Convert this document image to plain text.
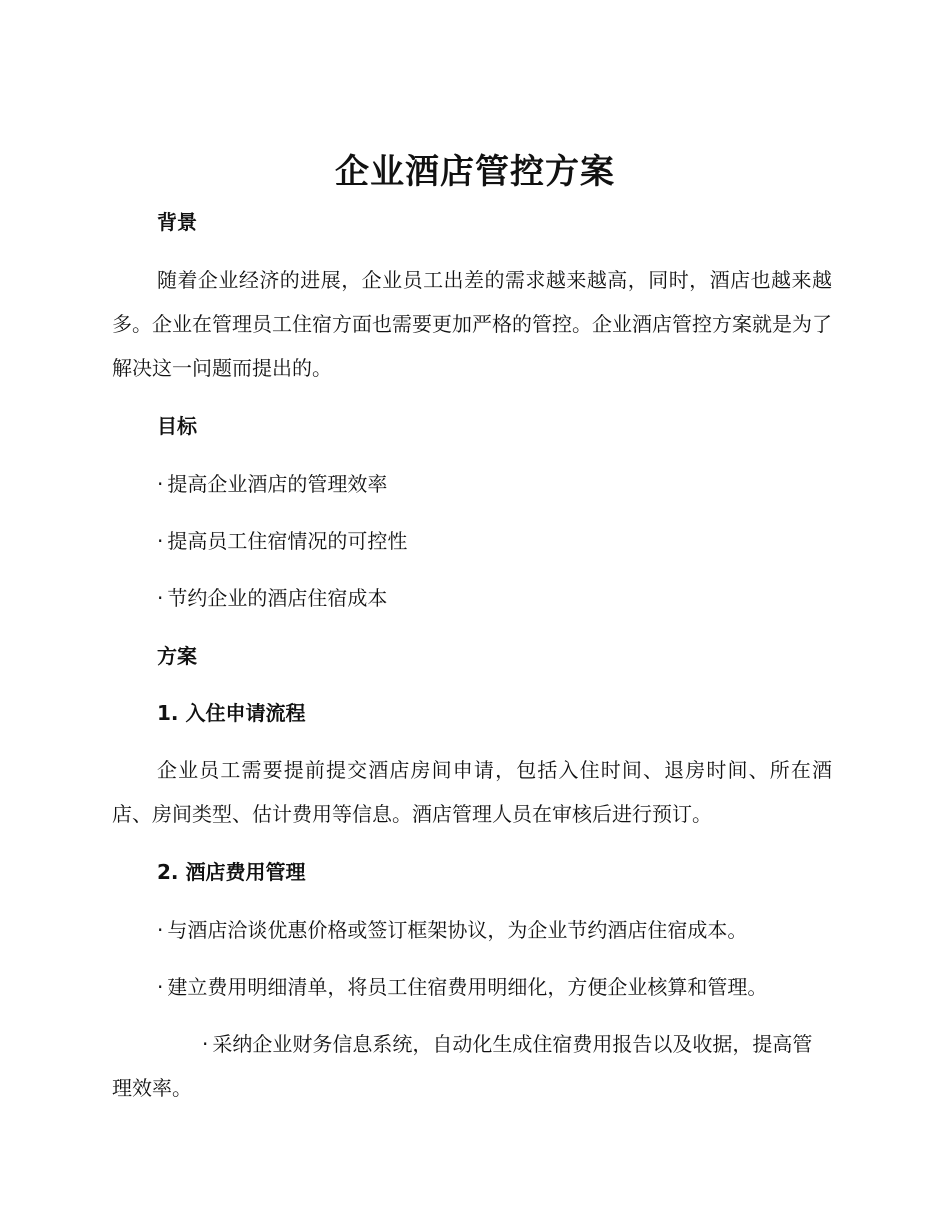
企业酒店管控方案
背景
随着企业经济的进展，企业员工出差的需求越来越高，同时，酒店也越来越多。企业在管理员工住宿方面也需要更加严格的管控。企业酒店管控方案就是为了解决这一问题而提出的。
目标
· 提高企业酒店的管理效率
· 提高员工住宿情况的可控性
· 节约企业的酒店住宿成本
方案
1. 入住申请流程
企业员工需要提前提交酒店房间申请，包括入住时间、退房时间、所在酒店、房间类型、估计费用等信息。酒店管理人员在审核后进行预订。
2. 酒店费用管理
· 与酒店洽谈优惠价格或签订框架协议，为企业节约酒店住宿成本。
· 建立费用明细清单，将员工住宿费用明细化，方便企业核算和管理。
· 采纳企业财务信息系统，自动化生成住宿费用报告以及收据，提高管理效率。
